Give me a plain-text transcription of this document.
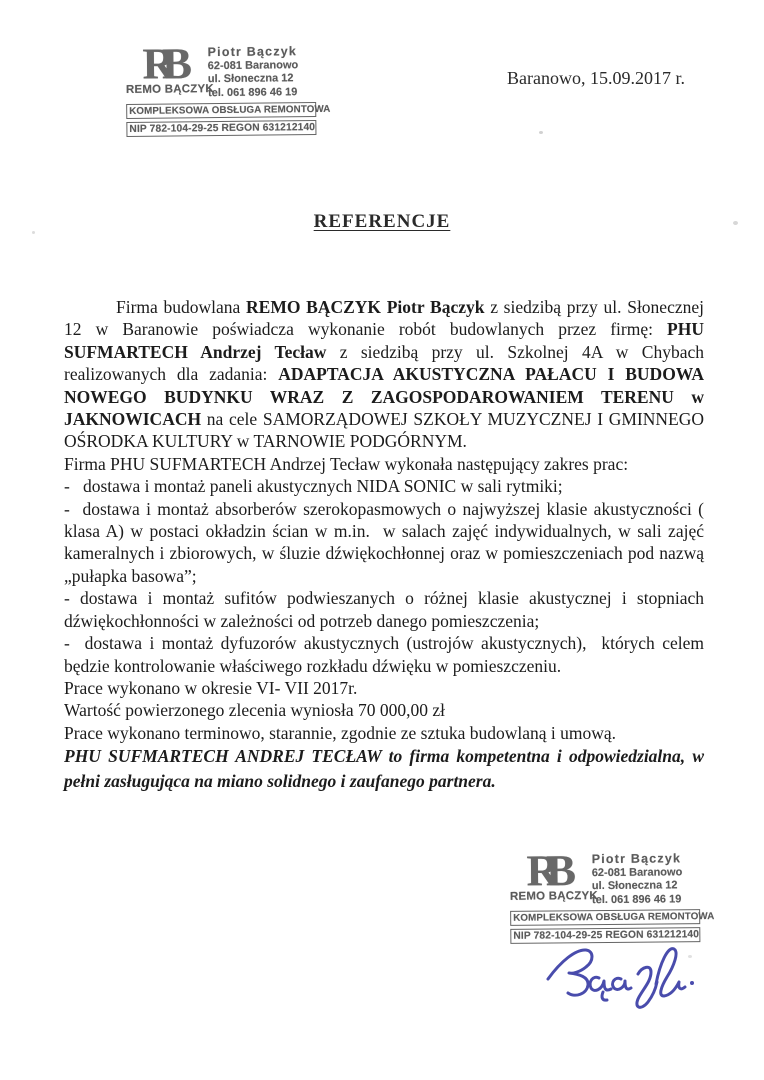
RB
REMO BĄCZYK
Piotr Bączyk
62-081 Baranowo
ul. Słoneczna 12
tel. 061 896 46 19
KOMPLEKSOWA OBSŁUGA REMONTOWA
NIP 782-104-29-25 REGON 631212140
Baranowo, 15.09.2017 r.
REFERENCJE

Firma budowlana REMO BĄCZYK Piotr Bączyk z siedzibą przy ul. Słonecznej 12 w Baranowie poświadcza wykonanie robót budowlanych przez firmę: PHU SUFMARTECH Andrzej Tecław z siedzibą przy ul. Szkolnej 4A w Chybach realizowanych dla zadania: ADAPTACJA AKUSTYCZNA PAŁACU I BUDOWA NOWEGO BUDYNKU WRAZ Z ZAGOSPODAROWANIEM TERENU w JAKNOWICACH na cele SAMORZĄDOWEJ SZKOŁY MUZYCZNEJ I GMINNEGO OŚRODKA KULTURY w TARNOWIE PODGÓRNYM.

Firma PHU SUFMARTECH Andrzej Tecław wykonała następujący zakres prac:

-   dostawa i montaż paneli akustycznych NIDA SONIC w sali rytmiki;

-  dostawa i montaż absorberów szerokopasmowych o najwyższej klasie akustyczności ( klasa A) w postaci okładzin ścian w m.in.  w salach zajęć indywidualnych, w sali zajęć kameralnych i zbiorowych, w śluzie dźwiękochłonnej oraz w pomieszczeniach pod nazwą „pułapka basowa”;

- dostawa i montaż sufitów podwieszanych o różnej klasie akustycznej i stopniach dźwiękochłonności w zależności od potrzeb danego pomieszczenia;

-  dostawa i montaż dyfuzorów akustycznych (ustrojów akustycznych),  których celem będzie kontrolowanie właściwego rozkładu dźwięku w pomieszczeniu.

Prace wykonano w okresie VI- VII 2017r.

Wartość powierzonego zlecenia wyniosła 70 000,00 zł

Prace wykonano terminowo, starannie, zgodnie ze sztuka budowlaną i umową.

PHU SUFMARTECH ANDREJ TECŁAW to firma kompetentna i odpowiedzialna, w pełni zasługująca na miano solidnego i zaufanego partnera.

RB
REMO BĄCZYK
Piotr Bączyk
62-081 Baranowo
ul. Słoneczna 12
tel. 061 896 46 19
KOMPLEKSOWA OBSŁUGA REMONTOWA
NIP 782-104-29-25 REGON 631212140
